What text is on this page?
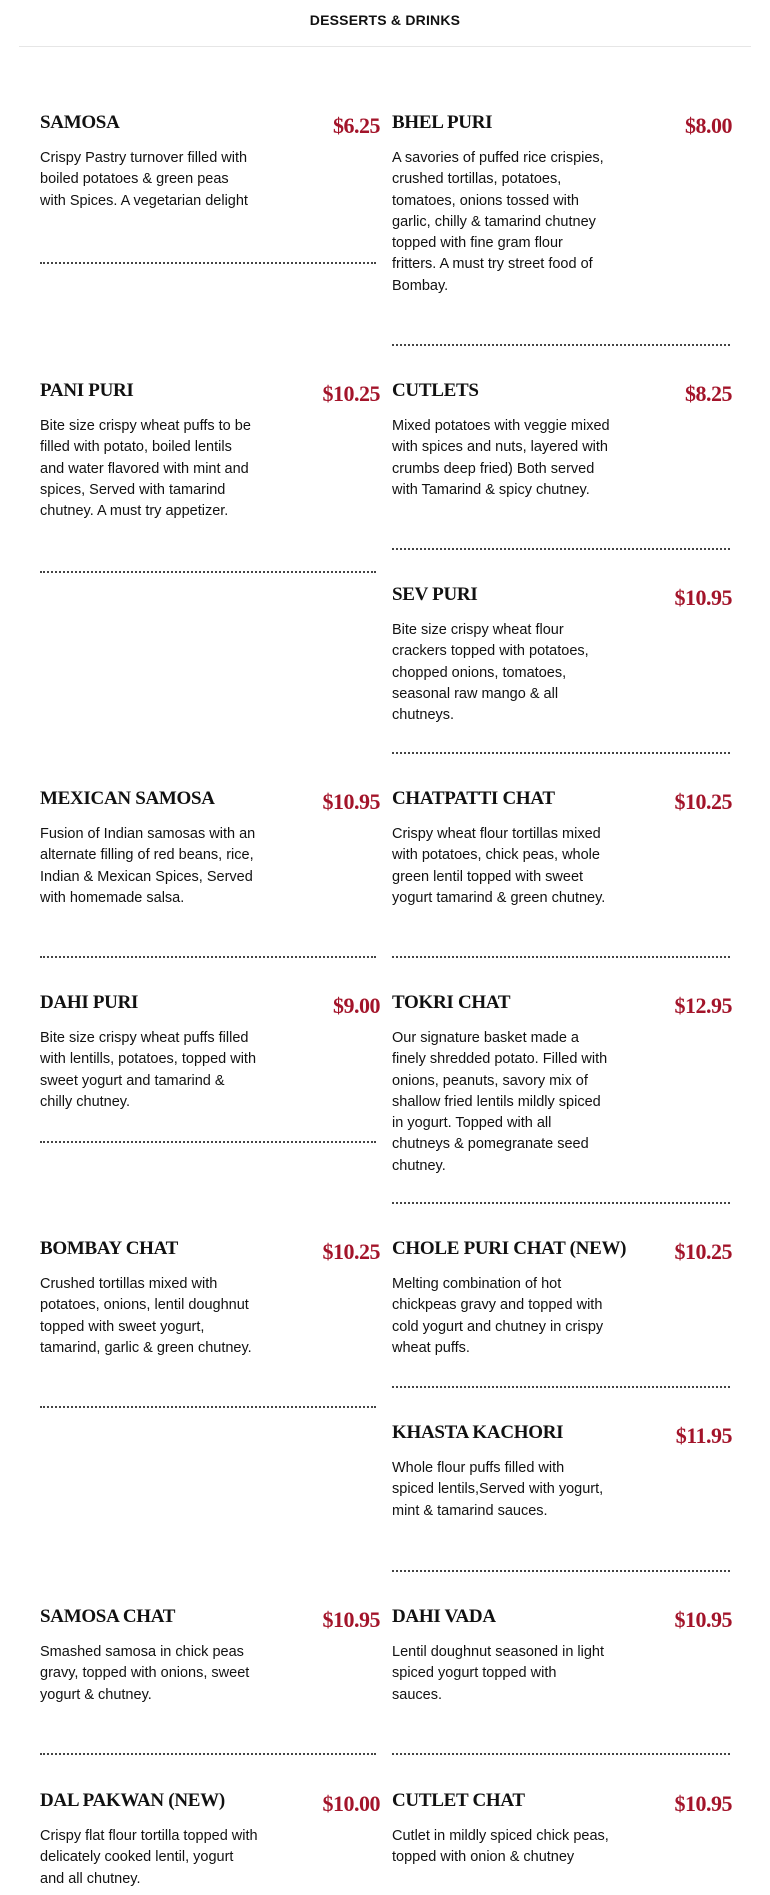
DESSERTS & DRINKS
SAMOSA	$6.25
Crispy Pastry turnover filled with boiled potatoes & green peas with Spices. A vegetarian delight
PANI PURI	$10.25
Bite size crispy wheat puffs to be filled with potato, boiled lentils and water flavored with mint and spices, Served with tamarind chutney. A must try appetizer.
MEXICAN SAMOSA	$10.95
Fusion of Indian samosas with an alternate filling of red beans, rice, Indian & Mexican Spices, Served with homemade salsa.
DAHI PURI	$9.00
Bite size crispy wheat puffs filled with lentills, potatoes, topped with sweet yogurt and tamarind & chilly chutney.
BOMBAY CHAT	$10.25
Crushed tortillas mixed with potatoes, onions, lentil doughnut topped with sweet yogurt, tamarind, garlic & green chutney.
SAMOSA CHAT	$10.95
Smashed samosa in chick peas gravy, topped with onions, sweet yogurt & chutney.
DAL PAKWAN (NEW)	$10.00
Crispy flat flour tortilla topped with delicately cooked lentil, yogurt and all chutney.
BHEL PURI	$8.00
A savories of puffed rice crispies, crushed tortillas, potatoes, tomatoes, onions tossed with garlic, chilly & tamarind chutney topped with fine gram flour fritters. A must try street food of Bombay.
CUTLETS	$8.25
Mixed potatoes with veggie mixed with spices and nuts, layered with crumbs deep fried) Both served with Tamarind & spicy chutney.
SEV PURI	$10.95
Bite size crispy wheat flour crackers topped with potatoes, chopped onions, tomatoes, seasonal raw mango & all chutneys.
CHATPATTI CHAT	$10.25
Crispy wheat flour tortillas mixed with potatoes, chick peas, whole green lentil topped with sweet yogurt tamarind & green chutney.
TOKRI CHAT	$12.95
Our signature basket made a finely shredded potato. Filled with onions, peanuts, savory mix of shallow fried lentils mildly spiced in yogurt. Topped with all chutneys & pomegranate seed chutney.
CHOLE PURI CHAT (NEW) $10.25
Melting combination of hot chickpeas gravy and topped with cold yogurt and chutney in crispy wheat puffs.
KHASTA KACHORI	$11.95
Whole flour puffs filled with spiced lentils,Served with yogurt, mint & tamarind sauces.
DAHI VADA	$10.95
Lentil doughnut seasoned in light spiced yogurt topped with sauces.
CUTLET CHAT	$10.95
Cutlet in mildly spiced chick peas, topped with onion & chutney
